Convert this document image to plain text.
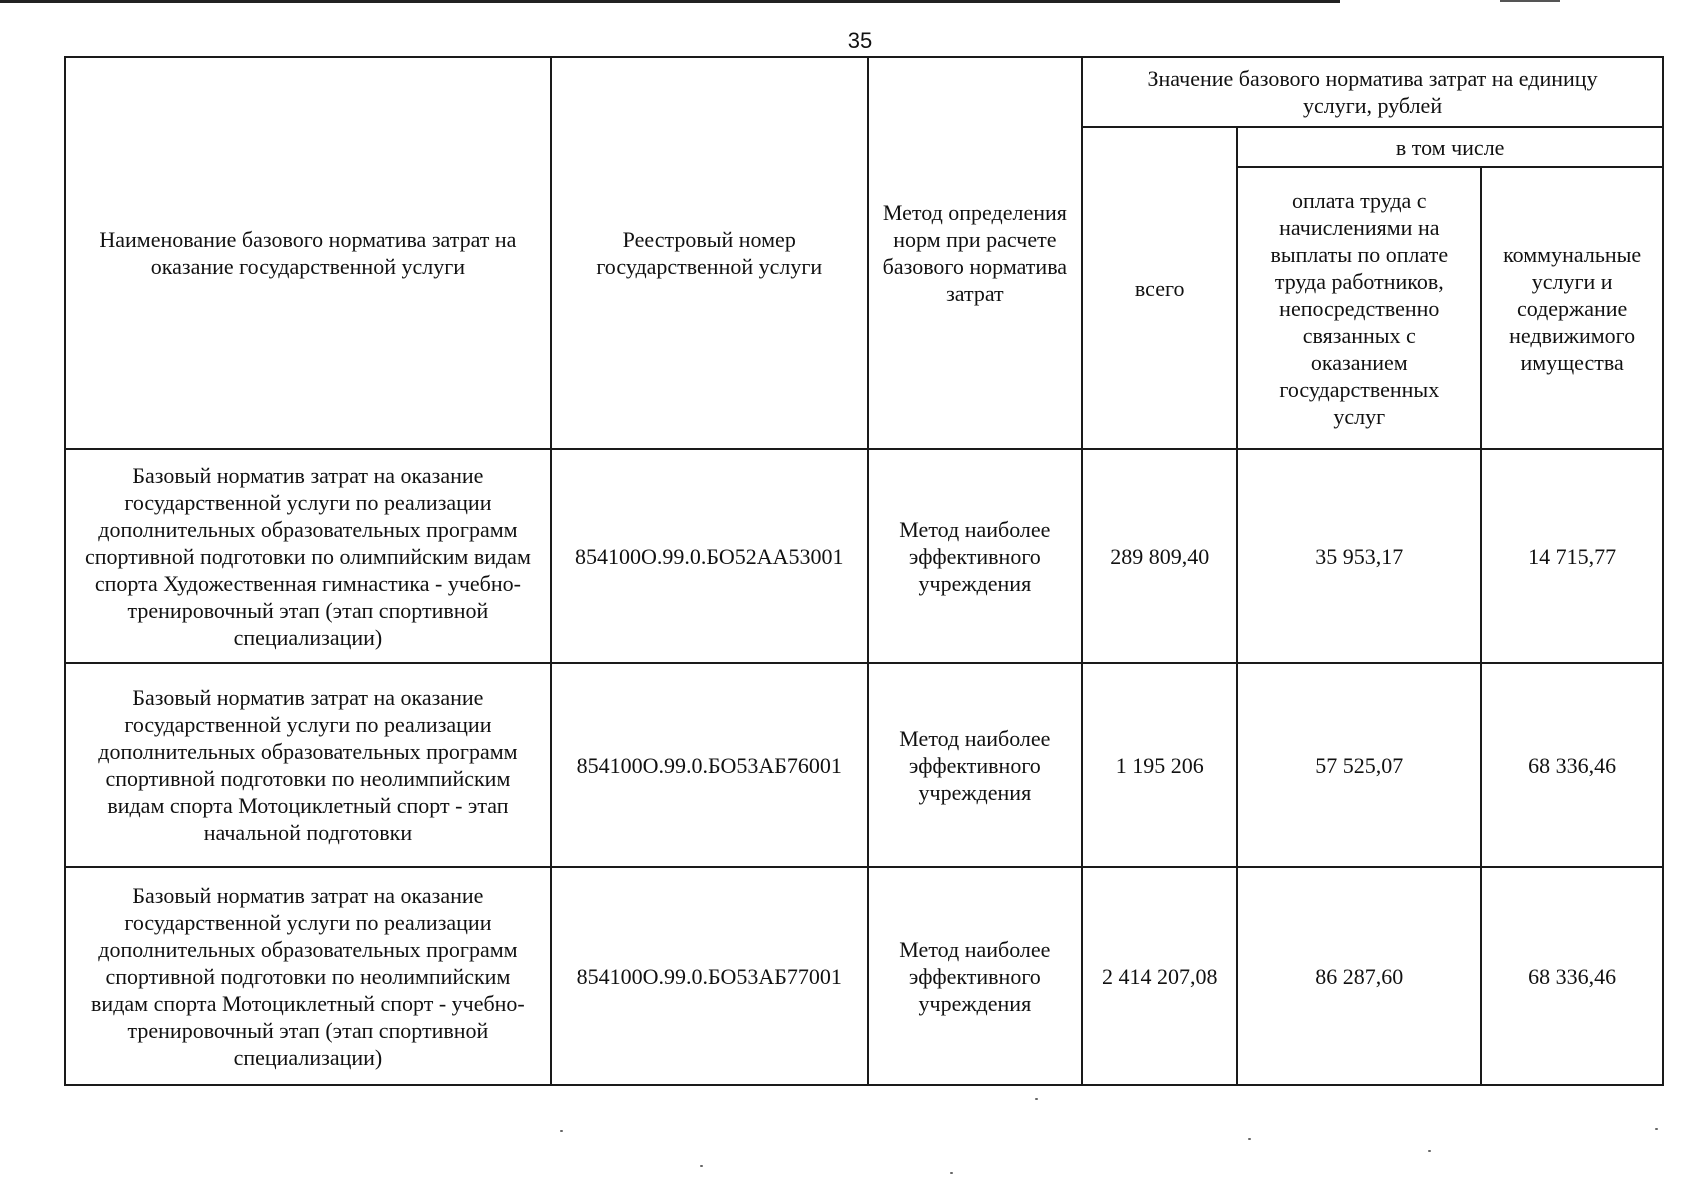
35
Наименование базового норматива затрат на оказание государственной услуги	Реестровый номер государственной услуги	Метод определения норм при расчете базового норматива затрат	Значение базового норматива затрат на единицу услуги, рублей		
			всего	в том числе	
				оплата труда с начислениями на выплаты по оплате труда работников, непосредственно связанных с оказанием государственных услуг	коммунальные услуги и содержание недвижимого имущества
Базовый норматив затрат на оказание государственной услуги по реализации дополнительных образовательных программ спортивной подготовки по олимпийским видам спорта Художественная гимнастика - учебно-тренировочный этап (этап спортивной специализации)	854100О.99.0.БО52АА53001	Метод наиболее эффективного учреждения	289 809,40	35 953,17	14 715,77
Базовый норматив затрат на оказание государственной услуги по реализации дополнительных образовательных программ спортивной подготовки по неолимпийским видам спорта Мотоциклетный спорт - этап начальной подготовки	854100О.99.0.БО53АБ76001	Метод наиболее эффективного учреждения	1 195 206	57 525,07	68 336,46
Базовый норматив затрат на оказание государственной услуги по реализации дополнительных образовательных программ спортивной подготовки по неолимпийским видам спорта Мотоциклетный спорт - учебно-тренировочный этап (этап спортивной специализации)	854100О.99.0.БО53АБ77001	Метод наиболее эффективного учреждения	2 414 207,08	86 287,60	68 336,46
